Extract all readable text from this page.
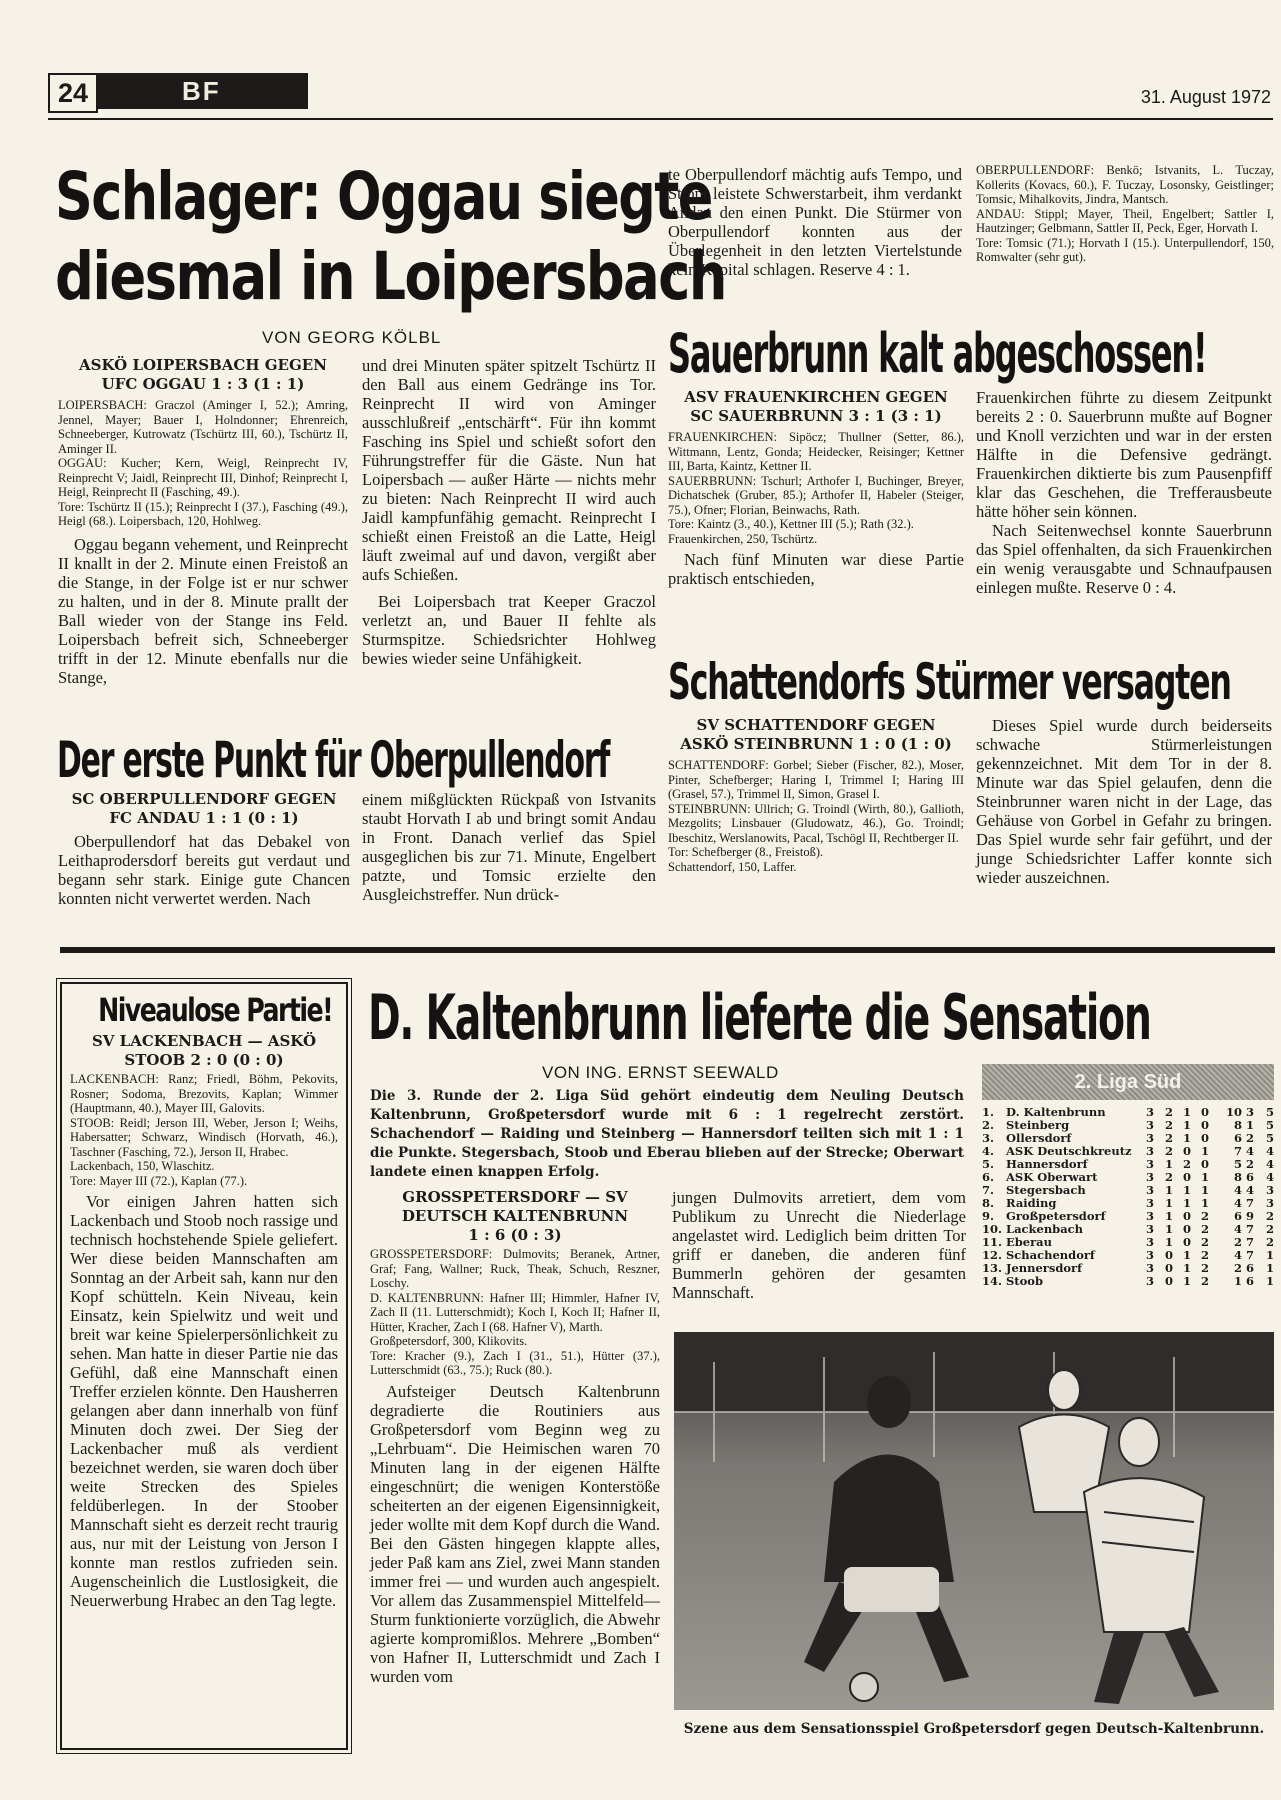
24	BF	31. August 1972
Schlager: Oggau siegte
diesmal in Loipersbach
VON GEORG KÖLBL
ASKÖ LOIPERSBACH GEGEN
UFC OGGAU 1 : 3 (1 : 1)
LOIPERSBACH: Graczol (Aminger I, 52.); Amring, Jennel, Mayer; Bauer I, Holndonner; Ehrenreich, Schneeberger, Kutrowatz (Tschürtz III, 60.), Tschürtz II, Aminger II.
OGGAU: Kucher; Kern, Weigl, Reinprecht IV, Reinprecht V; Jaidl, Reinprecht III, Dinhof; Reinprecht I, Heigl, Reinprecht II (Fasching, 49.).
Tore: Tschürtz II (15.); Reinprecht I (37.), Fasching (49.), Heigl (68.). Loipersbach, 120, Hohlweg.

Oggau begann vehement, und Reinprecht II knallt in der 2. Minute einen Freistoß an die Stange, in der Folge ist er nur schwer zu halten, und in der 8. Minute prallt der Ball wieder von der Stange ins Feld. Loipersbach befreit sich, Schneeberger trifft in der 12. Minute ebenfalls nur die Stange,

und drei Minuten später spitzelt Tschürtz II den Ball aus einem Gedränge ins Tor. Reinprecht II wird von Aminger ausschlußreif „entschärft“. Für ihn kommt Fasching ins Spiel und schießt sofort den Führungstreffer für die Gäste. Nun hat Loipersbach — außer Härte — nichts mehr zu bieten: Nach Reinprecht II wird auch Jaidl kampfunfähig gemacht. Reinprecht I schießt einen Freistoß an die Latte, Heigl läuft zweimal auf und davon, vergißt aber aufs Schießen.

Bei Loipersbach trat Keeper Graczol verletzt an, und Bauer II fehlte als Sturmspitze. Schiedsrichter Hohlweg bewies wieder seine Unfähigkeit.

Der erste Punkt für Oberpullendorf
SC OBERPULLENDORF GEGEN
FC ANDAU 1 : 1 (0 : 1)

Oberpullendorf hat das Debakel von Leithaprodersdorf bereits gut verdaut und begann sehr stark. Einige gute Chancen konnten nicht verwertet werden. Nach

einem mißglückten Rückpaß von Istvanits staubt Horvath I ab und bringt somit Andau in Front. Danach verlief das Spiel ausgeglichen bis zur 71. Minute, Engelbert patzte, und Tomsic erzielte den Ausgleichstreffer. Nun drück-

te Oberpullendorf mächtig aufs Tempo, und Stippl leistete Schwerstarbeit, ihm verdankt Andau den einen Punkt. Die Stürmer von Oberpullendorf konnten aus der Überlegenheit in den letzten Viertelstunde kein Kapital schlagen. Reserve 4 : 1.

OBERPULLENDORF: Benkö; Istvanits, L. Tuczay, Kollerits (Kovacs, 60.), F. Tuczay, Losonsky, Geistlinger; Tomsic, Mihalkovits, Jindra, Mantsch.
ANDAU: Stippl; Mayer, Theil, Engelbert; Sattler I, Hautzinger; Gelbmann, Sattler II, Peck, Eger, Horvath I.
Tore: Tomsic (71.); Horvath I (15.). Unterpullendorf, 150, Romwalter (sehr gut).
Sauerbrunn kalt abgeschossen!
ASV FRAUENKIRCHEN GEGEN
SC SAUERBRUNN 3 : 1 (3 : 1)
FRAUENKIRCHEN: Sipöcz; Thullner (Setter, 86.), Wittmann, Lentz, Gonda; Heidecker, Reisinger; Kettner III, Barta, Kaintz, Kettner II.
SAUERBRUNN: Tschurl; Arthofer I, Buchinger, Breyer, Dichatschek (Gruber, 85.); Arthofer II, Habeler (Steiger, 75.), Ofner; Florian, Beinwachs, Rath.
Tore: Kaintz (3., 40.), Kettner III (5.); Rath (32.).
Frauenkirchen, 250, Tschürtz.

Nach fünf Minuten war diese Partie praktisch entschieden,

Frauenkirchen führte zu diesem Zeitpunkt bereits 2 : 0. Sauerbrunn mußte auf Bogner und Knoll verzichten und war in der ersten Hälfte in die Defensive gedrängt. Frauenkirchen diktierte bis zum Pausenpfiff klar das Geschehen, die Trefferausbeute hätte höher sein können.

Nach Seitenwechsel konnte Sauerbrunn das Spiel offenhalten, da sich Frauenkirchen ein wenig verausgabte und Schnaufpausen einlegen mußte. Reserve 0 : 4.

Schattendorfs Stürmer versagten
SV SCHATTENDORF GEGEN
ASKÖ STEINBRUNN 1 : 0 (1 : 0)
SCHATTENDORF: Gorbel; Sieber (Fischer, 82.), Moser, Pinter, Schefberger; Haring I, Trimmel I; Haring III (Grasel, 57.), Trimmel II, Simon, Grasel I.
STEINBRUNN: Ullrich; G. Troindl (Wirth, 80.), Gallioth, Mezgolits; Linsbauer (Gludowatz, 46.), Go. Troindl; Ibeschitz, Werslanowits, Pacal, Tschögl II, Rechtberger II.
Tor: Schefberger (8., Freistoß).
Schattendorf, 150, Laffer.

Dieses Spiel wurde durch beiderseits schwache Stürmerleistungen gekennzeichnet. Mit dem Tor in der 8. Minute war das Spiel gelaufen, denn die Steinbrunner waren nicht in der Lage, das Gehäuse von Gorbel in Gefahr zu bringen. Das Spiel wurde sehr fair geführt, und der junge Schiedsrichter Laffer konnte sich wieder auszeichnen.

Niveaulose Partie!
SV LACKENBACH — ASKÖ
STOOB 2 : 0 (0 : 0)
LACKENBACH: Ranz; Friedl, Böhm, Pekovits, Rosner; Sodoma, Brezovits, Kaplan; Wimmer (Hauptmann, 40.), Mayer III, Galovits.
STOOB: Reidl; Jerson III, Weber, Jerson I; Weihs, Habersatter; Schwarz, Windisch (Horvath, 46.), Taschner (Fasching, 72.), Jerson II, Hrabec.
Lackenbach, 150, Wlaschitz.
Tore: Mayer III (72.), Kaplan (77.).

Vor einigen Jahren hatten sich Lackenbach und Stoob noch rassige und technisch hochstehende Spiele geliefert. Wer diese beiden Mannschaften am Sonntag an der Arbeit sah, kann nur den Kopf schütteln. Kein Niveau, kein Einsatz, kein Spielwitz und weit und breit war keine Spielerpersönlichkeit zu sehen. Man hatte in dieser Partie nie das Gefühl, daß eine Mannschaft einen Treffer erzielen könnte. Den Hausherren gelangen aber dann innerhalb von fünf Minuten doch zwei. Der Sieg der Lackenbacher muß als verdient bezeichnet werden, sie waren doch über weite Strecken des Spieles feldüberlegen. In der Stoober Mannschaft sieht es derzeit recht traurig aus, nur mit der Leistung von Jerson I konnte man restlos zufrieden sein. Augenscheinlich die Lustlosigkeit, die Neuerwerbung Hrabec an den Tag legte.

D. Kaltenbrunn lieferte die Sensation
VON ING. ERNST SEEWALD
Die 3. Runde der 2. Liga Süd gehört eindeutig dem Neuling Deutsch Kaltenbrunn, Großpetersdorf wurde mit 6 : 1 regelrecht zerstört. Schachendorf — Raiding und Steinberg — Hannersdorf teilten sich mit 1 : 1 die Punkte. Stegersbach, Stoob und Eberau blieben auf der Strecke; Oberwart landete einen knappen Erfolg.
GROSSPETERSDORF — SV
DEUTSCH KALTENBRUNN
1 : 6 (0 : 3)
GROSSPETERSDORF: Dulmovits; Beranek, Artner, Graf; Fang, Wallner; Ruck, Theak, Schuch, Reszner, Loschy.
D. KALTENBRUNN: Hafner III; Himmler, Hafner IV, Zach II (11. Lutterschmidt); Koch I, Koch II; Hafner II, Hütter, Kracher, Zach I (68. Hafner V), Marth.
Großpetersdorf, 300, Klikovits.
Tore: Kracher (9.), Zach I (31., 51.), Hütter (37.), Lutterschmidt (63., 75.); Ruck (80.).

Aufsteiger Deutsch Kaltenbrunn degradierte die Routiniers aus Großpetersdorf vom Beginn weg zu „Lehrbuam“. Die Heimischen waren 70 Minuten lang in der eigenen Hälfte eingeschnürt; die wenigen Konterstöße scheiterten an der eigenen Eigensinnigkeit, jeder wollte mit dem Kopf durch die Wand. Bei den Gästen hingegen klappte alles, jeder Paß kam ans Ziel, zwei Mann standen immer frei — und wurden auch angespielt. Vor allem das Zusammenspiel Mittelfeld—Sturm funktionierte vorzüglich, die Abwehr agierte kompromißlos. Mehrere „Bomben“ von Hafner II, Lutterschmidt und Zach I wurden vom

jungen Dulmovits arretiert, dem vom Publikum zu Unrecht die Niederlage angelastet wird. Lediglich beim dritten Tor griff er daneben, die anderen fünf Bummerln gehören der gesamten Mannschaft.

2. Liga Süd
1.	D. Kaltenbrunn	3	2	1	0	10 3	5
2.	Steinberg	3	2	1	0	8 1	5
3.	Ollersdorf	3	2	1	0	6 2	5
4.	ASK Deutschkreutz	3	2	0	1	7 4	4
5.	Hannersdorf	3	1	2	0	5 2	4
6.	ASK Oberwart	3	2	0	1	8 6	4
7.	Stegersbach	3	1	1	1	4 4	3
8.	Raiding	3	1	1	1	4 7	3
9.	Großpetersdorf	3	1	0	2	6 9	2
10.	Lackenbach	3	1	0	2	4 7	2
11.	Eberau	3	1	0	2	2 7	2
12.	Schachendorf	3	0	1	2	4 7	1
13.	Jennersdorf	3	0	1	2	2 6	1
14.	Stoob	3	0	1	2	1 6	1
Szene aus dem Sensationsspiel Großpetersdorf gegen Deutsch-Kaltenbrunn.
